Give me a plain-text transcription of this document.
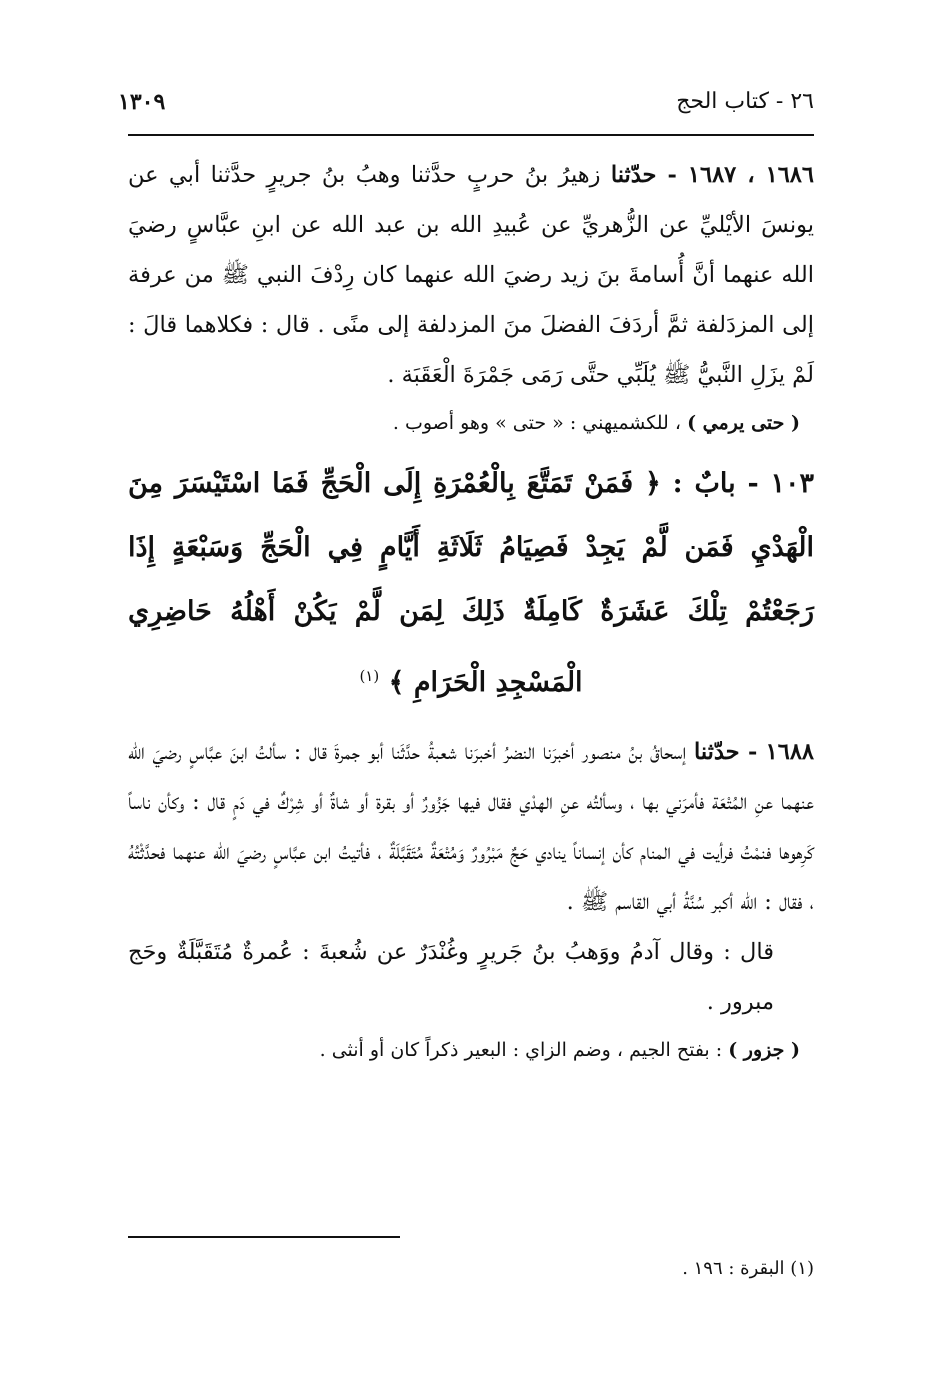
٢٦ - كتاب الحج
١٣٠٩

١٦٨٦ ، ١٦٨٧ - حدّثنا زهيرُ بنُ حربٍ حدَّثنا وهبُ بنُ جريرٍ حدَّثنا أبي عن يونسَ الأيْليِّ عن الزُّهريِّ عن عُبيدِ الله بن عبد الله عن ابنِ عبَّاسٍ رضيَ الله عنهما أنَّ أُسامةَ بنَ زيد رضيَ الله عنهما كان رِدْفَ النبي ﷺ من عرفة إلى المزدَلفة ثمَّ أردَفَ الفضلَ منَ المزدلفة إلى منًى . قال : فكلاهما قالَ : لَمْ يزَلِ النَّبيُّ ﷺ يُلَبِّي حتَّى رَمَى جَمْرَةَ الْعَقَبَة .

( حتى يرمي ) ، للكشميهني : « حتى » وهو أصوب .

١٠٣ - بابٌ : ﴿ فَمَنْ تَمَتَّعَ بِالْعُمْرَةِ إِلَى الْحَجِّ فَمَا اسْتَيْسَرَ مِنَ الْهَدْيِ فَمَن لَّمْ يَجِدْ فَصِيَامُ ثَلَاثَةِ أَيَّامٍ فِي الْحَجِّ وَسَبْعَةٍ إِذَا رَجَعْتُمْ تِلْكَ عَشَرَةٌ كَامِلَةٌ ذَلِكَ لِمَن لَّمْ يَكُنْ أَهْلُهُ حَاضِرِي الْمَسْجِدِ الْحَرَامِ ﴾ $^{(١)}$

١٦٨٨ - حدّثنا إسحاقُ بنُ منصور أخبرَنا النضرُ أخبرَنا شعبةُ حدَّثَنا أبو جمرةَ قال : سألتُ ابنَ عبَّاسٍ رضيَ الله عنهما عنِ المُتْعَة فأمرَني بها ، وسألتُه عنِ الهدْي فقال فيها جَزُورٌ أو بقرة أو شاةٌ أو شِرْكٌ في دَمٍ قال : وكأن ناساً كَرِهوها فنمْتُ فرأيت في المنام كأن إنساناً ينادي حَجٌ مَبْرُورٌ وَمُتْعَةٌ مُتَقَبَّلَةٌ ، فأتيتُ ابن عبَّاسٍ رضيَ الله عنهما فحدَّثْتُهُ ، فقال : الله أكبر سُنَّةُ أبي القاسم ﷺ .

قال : وقال آدمُ ووَهبُ بنُ جَريرٍ وغُنْدَرٌ عن شُعبةَ : عُمرةٌ مُتَقَبَّلَةٌ وحَج مبرور .

( جزور ) : بفتح الجيم ، وضم الزاي : البعير ذكراً كان أو أنثى .

(١) البقرة : ١٩٦ .
